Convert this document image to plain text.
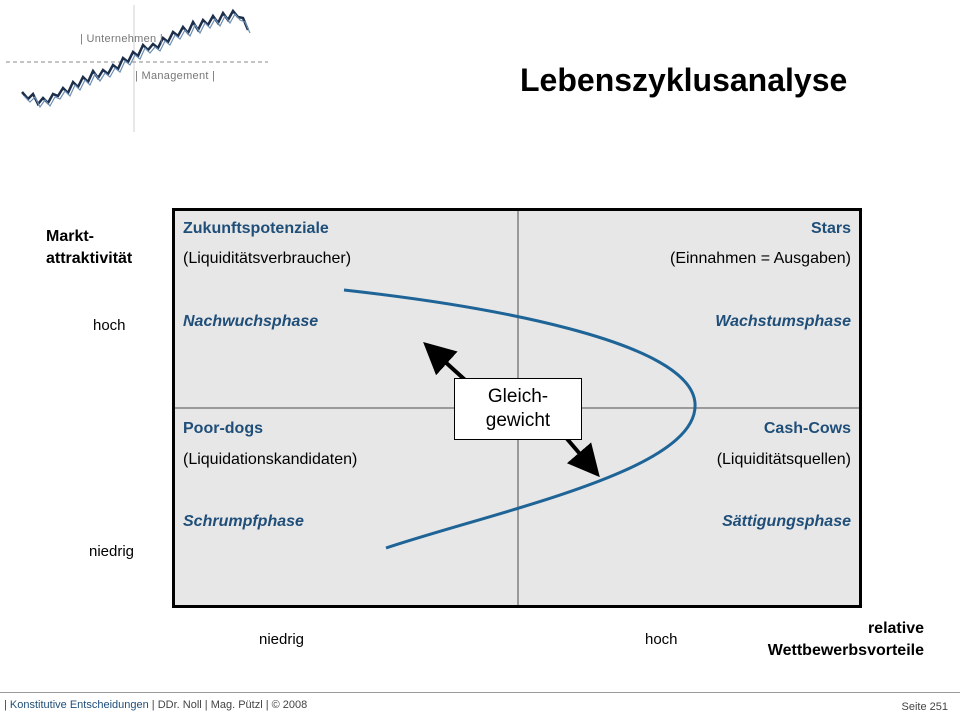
| Unternehmen |
| Management |	Lebenszyklusanalyse
Markt-
attraktivität
hoch
niedrig
Zukunftspotenziale
(Liquiditätsverbraucher)
Nachwuchsphase
Stars
(Einnahmen = Ausgaben)
Wachstumsphase
Poor-dogs
(Liquidationskandidaten)
Schrumpfphase
Cash-Cows
(Liquiditätsquellen)
Sättigungsphase
Gleich-
gewicht
niedrig	hoch
relative
Wettbewerbsvorteile
| Konstitutive Entscheidungen | DDr. Noll | Mag. Pützl | © 2008	Seite 251
